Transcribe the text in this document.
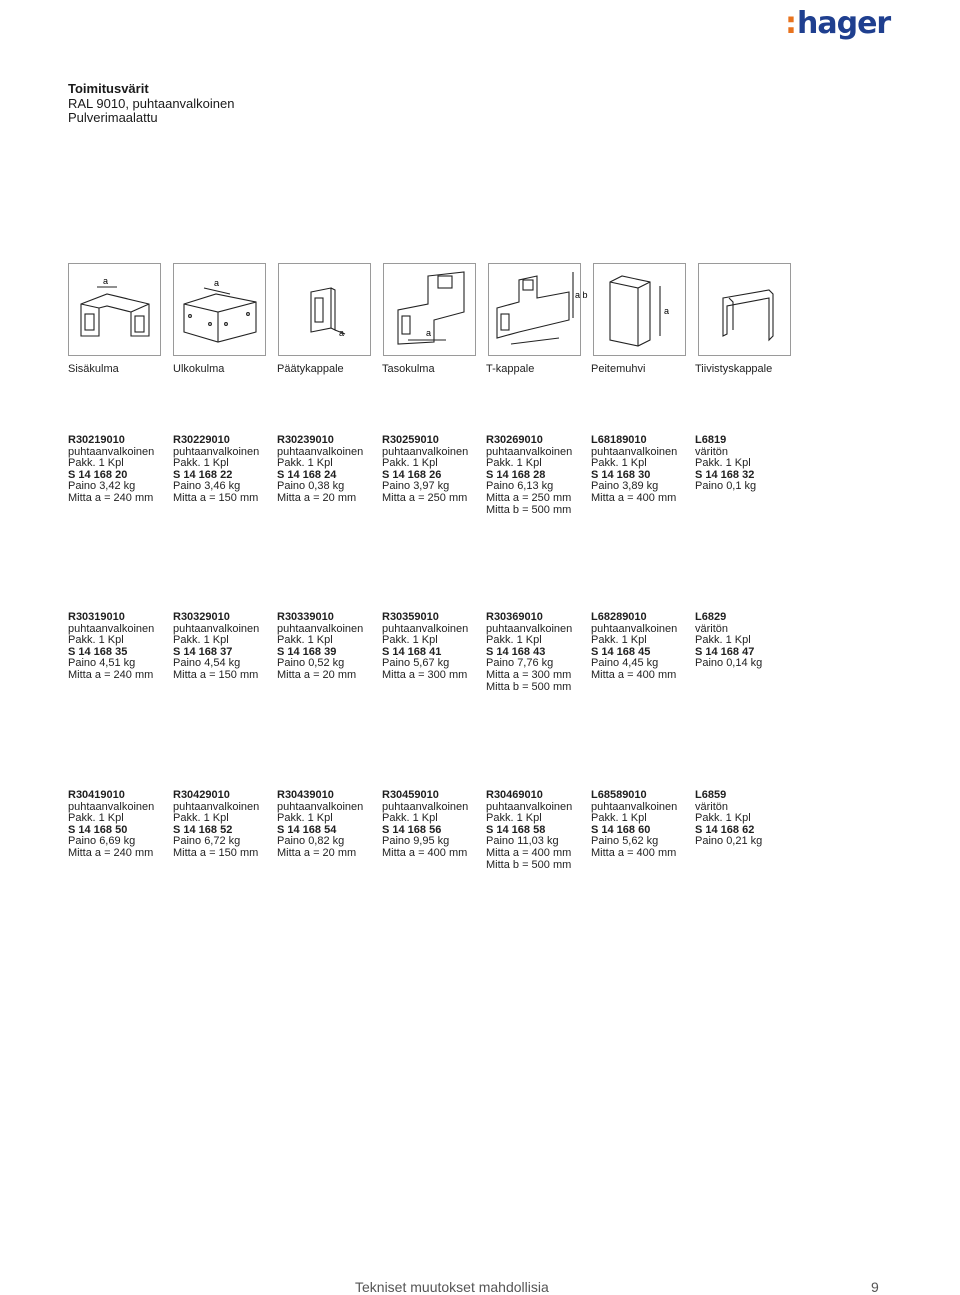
:hager
Toimitusvärit
RAL 9010, puhtaanvalkoinen
Pulverimaalattu
a	a
a	a
a b
a
Sisäkulma	Ulkokulma	Päätykappale	Tasokulma	T-kappale	Peitemuhvi	Tiivistyskappale
R30219010
puhtaanvalkoinen
Pakk. 1 Kpl
S 14 168 20
Paino 3,42 kg
Mitta a = 240 mm
R30229010
puhtaanvalkoinen
Pakk. 1 Kpl
S 14 168 22
Paino 3,46 kg
Mitta a = 150 mm
R30239010
puhtaanvalkoinen
Pakk. 1 Kpl
S 14 168 24
Paino 0,38 kg
Mitta a = 20 mm
R30259010
puhtaanvalkoinen
Pakk. 1 Kpl
S 14 168 26
Paino 3,97 kg
Mitta a = 250 mm
R30269010
puhtaanvalkoinen
Pakk. 1 Kpl
S 14 168 28
Paino 6,13 kg
Mitta a = 250 mm
Mitta b = 500 mm
L68189010
puhtaanvalkoinen
Pakk. 1 Kpl
S 14 168 30
Paino 3,89 kg
Mitta a = 400 mm
L6819
väritön
Pakk. 1 Kpl
S 14 168 32
Paino 0,1 kg
R30319010
puhtaanvalkoinen
Pakk. 1 Kpl
S 14 168 35
Paino 4,51 kg
Mitta a = 240 mm
R30329010
puhtaanvalkoinen
Pakk. 1 Kpl
S 14 168 37
Paino 4,54 kg
Mitta a = 150 mm
R30339010
puhtaanvalkoinen
Pakk. 1 Kpl
S 14 168 39
Paino 0,52 kg
Mitta a = 20 mm
R30359010
puhtaanvalkoinen
Pakk. 1 Kpl
S 14 168 41
Paino 5,67 kg
Mitta a = 300 mm
R30369010
puhtaanvalkoinen
Pakk. 1 Kpl
S 14 168 43
Paino 7,76 kg
Mitta a = 300 mm
Mitta b = 500 mm
L68289010
puhtaanvalkoinen
Pakk. 1 Kpl
S 14 168 45
Paino 4,45 kg
Mitta a = 400 mm
L6829
väritön
Pakk. 1 Kpl
S 14 168 47
Paino 0,14 kg
R30419010
puhtaanvalkoinen
Pakk. 1 Kpl
S 14 168 50
Paino 6,69 kg
Mitta a = 240 mm
R30429010
puhtaanvalkoinen
Pakk. 1 Kpl
S 14 168 52
Paino 6,72 kg
Mitta a = 150 mm
R30439010
puhtaanvalkoinen
Pakk. 1 Kpl
S 14 168 54
Paino 0,82 kg
Mitta a = 20 mm
R30459010
puhtaanvalkoinen
Pakk. 1 Kpl
S 14 168 56
Paino 9,95 kg
Mitta a = 400 mm
R30469010
puhtaanvalkoinen
Pakk. 1 Kpl
S 14 168 58
Paino 11,03 kg
Mitta a = 400 mm
Mitta b = 500 mm
L68589010
puhtaanvalkoinen
Pakk. 1 Kpl
S 14 168 60
Paino 5,62 kg
Mitta a = 400 mm
L6859
väritön
Pakk. 1 Kpl
S 14 168 62
Paino 0,21 kg
Tekniset muutokset mahdollisia	9
